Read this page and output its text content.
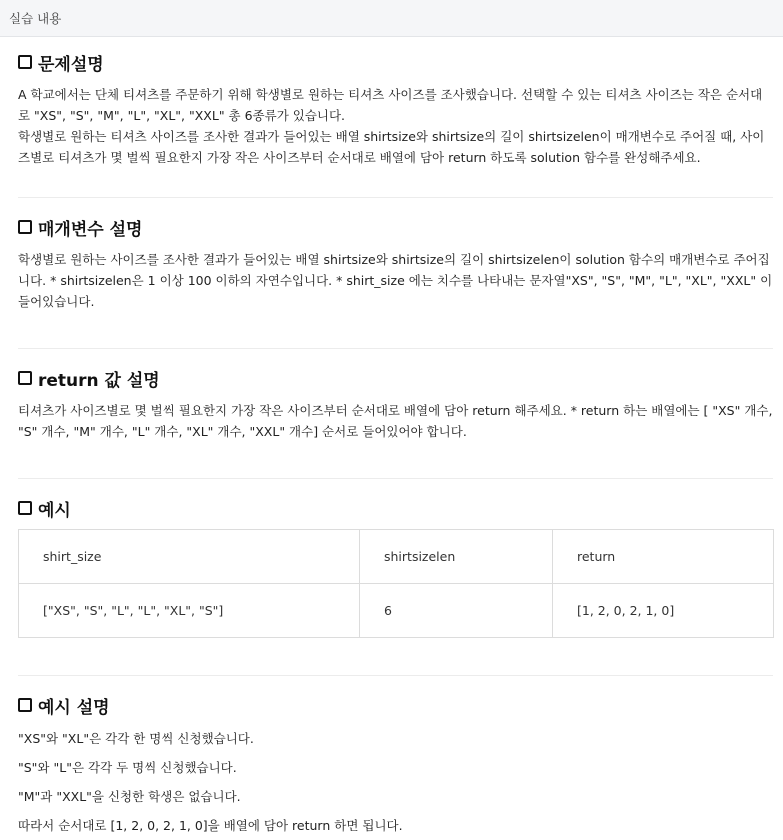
실습 내용
문제설명

A 학교에서는 단체 티셔츠를 주문하기 위해 학생별로 원하는 티셔츠 사이즈를 조사했습니다. 선택할 수 있는 티셔츠 사이즈는 작은 순서대로 "XS", "S", "M", "L", "XL", "XXL" 총 6종류가 있습니다.

학생별로 원하는 티셔츠 사이즈를 조사한 결과가 들어있는 배열 shirtsize와 shirtsize의 길이 shirtsizelen이 매개변수로 주어질 때, 사이즈별로 티셔츠가 몇 벌씩 필요한지 가장 작은 사이즈부터 순서대로 배열에 담아 return 하도록 solution 함수를 완성해주세요.

매개변수 설명

학생별로 원하는 사이즈를 조사한 결과가 들어있는 배열 shirtsize와 shirtsize의 길이 shirtsizelen이 solution 함수의 매개변수로 주어집니다. * shirtsizelen은 1 이상 100 이하의 자연수입니다. * shirt_size 에는 치수를 나타내는 문자열"XS", "S", "M", "L", "XL", "XXL" 이 들어있습니다.

return 값 설명

티셔츠가 사이즈별로 몇 벌씩 필요한지 가장 작은 사이즈부터 순서대로 배열에 담아 return 해주세요. * return 하는 배열에는 [ "XS" 개수, "S" 개수, "M" 개수, "L" 개수, "XL" 개수, "XXL" 개수] 순서로 들어있어야 합니다.

예시
shirt_size	shirtsizelen	return
["XS", "S", "L", "L", "XL", "S"]	6	[1, 2, 0, 2, 1, 0]
예시 설명

"XS"와 "XL"은 각각 한 명씩 신청했습니다.

"S"와 "L"은 각각 두 명씩 신청했습니다.

"M"과 "XXL"을 신청한 학생은 없습니다.

따라서 순서대로 [1, 2, 0, 2, 1, 0]을 배열에 담아 return 하면 됩니다.
